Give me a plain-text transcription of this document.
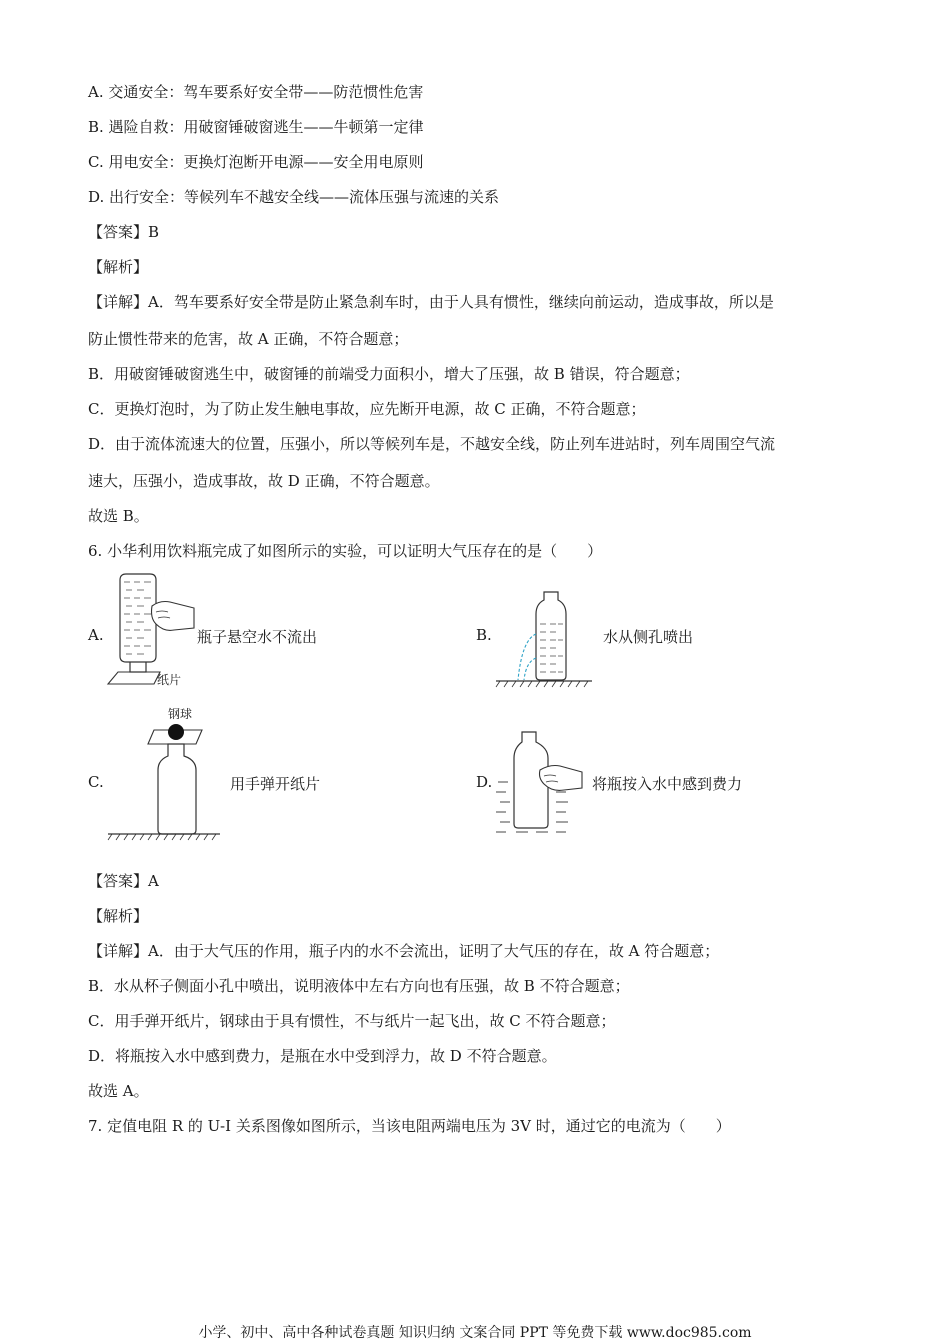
A. 交通安全：驾车要系好安全带——防范惯性危害
B. 遇险自救：用破窗锤破窗逃生——牛顿第一定律
C. 用电安全：更换灯泡断开电源——安全用电原则
D. 出行安全：等候列车不越安全线——流体压强与流速的关系
【答案】B
【解析】
【详解】A．驾车要系好安全带是防止紧急刹车时，由于人具有惯性，继续向前运动，造成事故，所以是
防止惯性带来的危害，故 A 正确，不符合题意；
B．用破窗锤破窗逃生中，破窗锤的前端受力面积小，增大了压强，故 B 错误，符合题意；
C．更换灯泡时，为了防止发生触电事故，应先断开电源，故 C 正确，不符合题意；
D．由于流体流速大的位置，压强小，所以等候列车是，不越安全线，防止列车进站时，列车周围空气流
速大，压强小，造成事故，故 D 正确，不符合题意。
故选 B。
6. 小华利用饮料瓶完成了如图所示的实验，可以证明大气压存在的是（　　）
A.
纸片
瓶子悬空水不流出	B.	水从侧孔喷出
C.
钢球
用手弹开纸片	D.	将瓶按入水中感到费力
【答案】A
【解析】
【详解】A．由于大气压的作用，瓶子内的水不会流出，证明了大气压的存在，故 A 符合题意；
B．水从杯子侧面小孔中喷出，说明液体中左右方向也有压强，故 B 不符合题意；
C．用手弹开纸片，钢球由于具有惯性，不与纸片一起飞出，故 C 不符合题意；
D．将瓶按入水中感到费力，是瓶在水中受到浮力，故 D 不符合题意。
故选 A。
7. 定值电阻 R 的 U-I 关系图像如图所示，当该电阻两端电压为 3V 时，通过它的电流为（　　）
小学、初中、高中各种试卷真题 知识归纳 文案合同 PPT 等免费下载 www.doc985.com
